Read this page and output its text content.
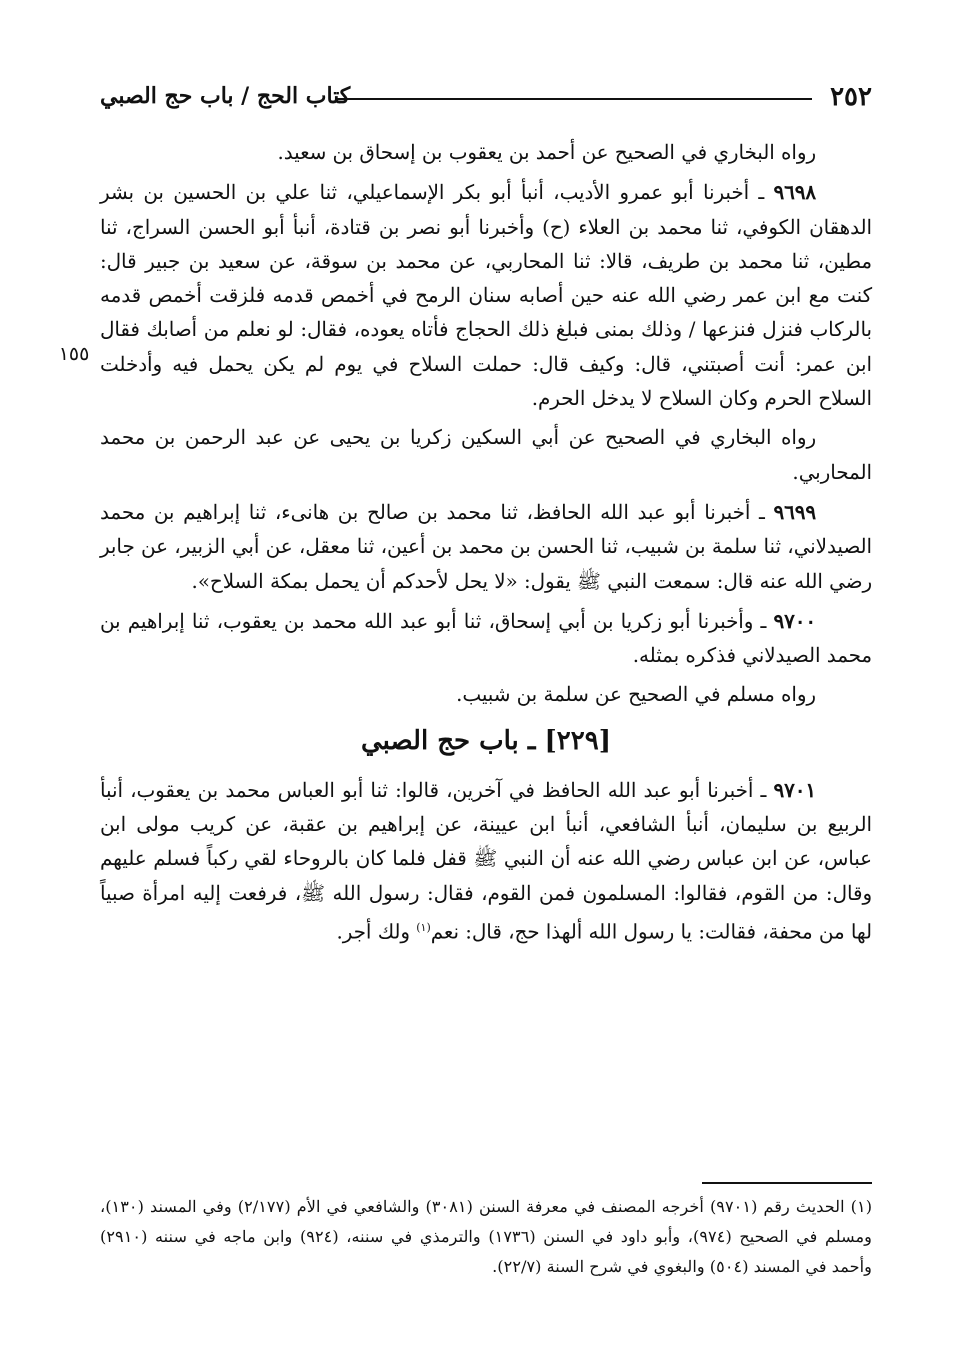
٢٥٢
كتاب الحج / باب حج الصبي
١٥٥

رواه البخاري في الصحيح عن أحمد بن يعقوب بن إسحاق بن سعيد.

٩٦٩٨ ـ أخبرنا أبو عمرو الأديب، أنبأ أبو بكر الإسماعيلي، ثنا علي بن الحسين بن بشر الدهقان الكوفي، ثنا محمد بن العلاء (ح) وأخبرنا أبو نصر بن قتادة، أنبأ أبو الحسن السراج، ثنا مطين، ثنا محمد بن طريف، قالا: ثنا المحاربي، عن محمد بن سوقة، عن سعيد بن جبير قال: كنت مع ابن عمر رضي الله عنه حين أصابه سنان الرمح في أخمص قدمه فلزقت أخمص قدمه بالركاب فنزل فنزعها / وذلك بمنى فبلغ ذلك الحجاج فأتاه يعوده، فقال: لو نعلم من أصابك فقال ابن عمر: أنت أصبتني، قال: وكيف قال: حملت السلاح في يوم لم يكن يحمل فيه وأدخلت السلاح الحرم وكان السلاح لا يدخل الحرم.

رواه البخاري في الصحيح عن أبي السكين زكريا بن يحيى عن عبد الرحمن بن محمد المحاربي.

٩٦٩٩ ـ أخبرنا أبو عبد الله الحافظ، ثنا محمد بن صالح بن هانىء، ثنا إبراهيم بن محمد الصيدلاني، ثنا سلمة بن شبيب، ثنا الحسن بن محمد بن أعين، ثنا معقل، عن أبي الزبير، عن جابر رضي الله عنه قال: سمعت النبي ﷺ يقول: «لا يحل لأحدكم أن يحمل بمكة السلاح».

٩٧٠٠ ـ وأخبرنا أبو زكريا بن أبي إسحاق، ثنا أبو عبد الله محمد بن يعقوب، ثنا إبراهيم بن محمد الصيدلاني فذكره بمثله.

رواه مسلم في الصحيح عن سلمة بن شبيب.

[٢٢٩] ـ باب حج الصبي

٩٧٠١ ـ أخبرنا أبو عبد الله الحافظ في آخرين، قالوا: ثنا أبو العباس محمد بن يعقوب، أنبأ الربيع بن سليمان، أنبأ الشافعي، أنبأ ابن عيينة، عن إبراهيم بن عقبة، عن كريب مولى ابن عباس، عن ابن عباس رضي الله عنه أن النبي ﷺ قفل فلما كان بالروحاء لقي ركباً فسلم عليهم وقال: من القوم، فقالوا: المسلمون فمن القوم، فقال: رسول الله ﷺ، فرفعت إليه امرأة صبياً لها من محفة، فقالت: يا رسول الله ألهذا حج، قال: نعم$^{(١)}$ ولك أجر.

(١) الحديث رقم (٩٧٠١) أخرجه المصنف في معرفة السنن (٣٠٨١) والشافعي في الأم (٢/١٧٧) وفي المسند (١٣٠)، ومسلم في الصحيح (٩٧٤)، وأبو داود في السنن (١٧٣٦) والترمذي في سننه، (٩٢٤) وابن ماجه في سننه (٢٩١٠) وأحمد في المسند (٥٠٤) والبغوي في شرح السنة (٢٢/٧).
